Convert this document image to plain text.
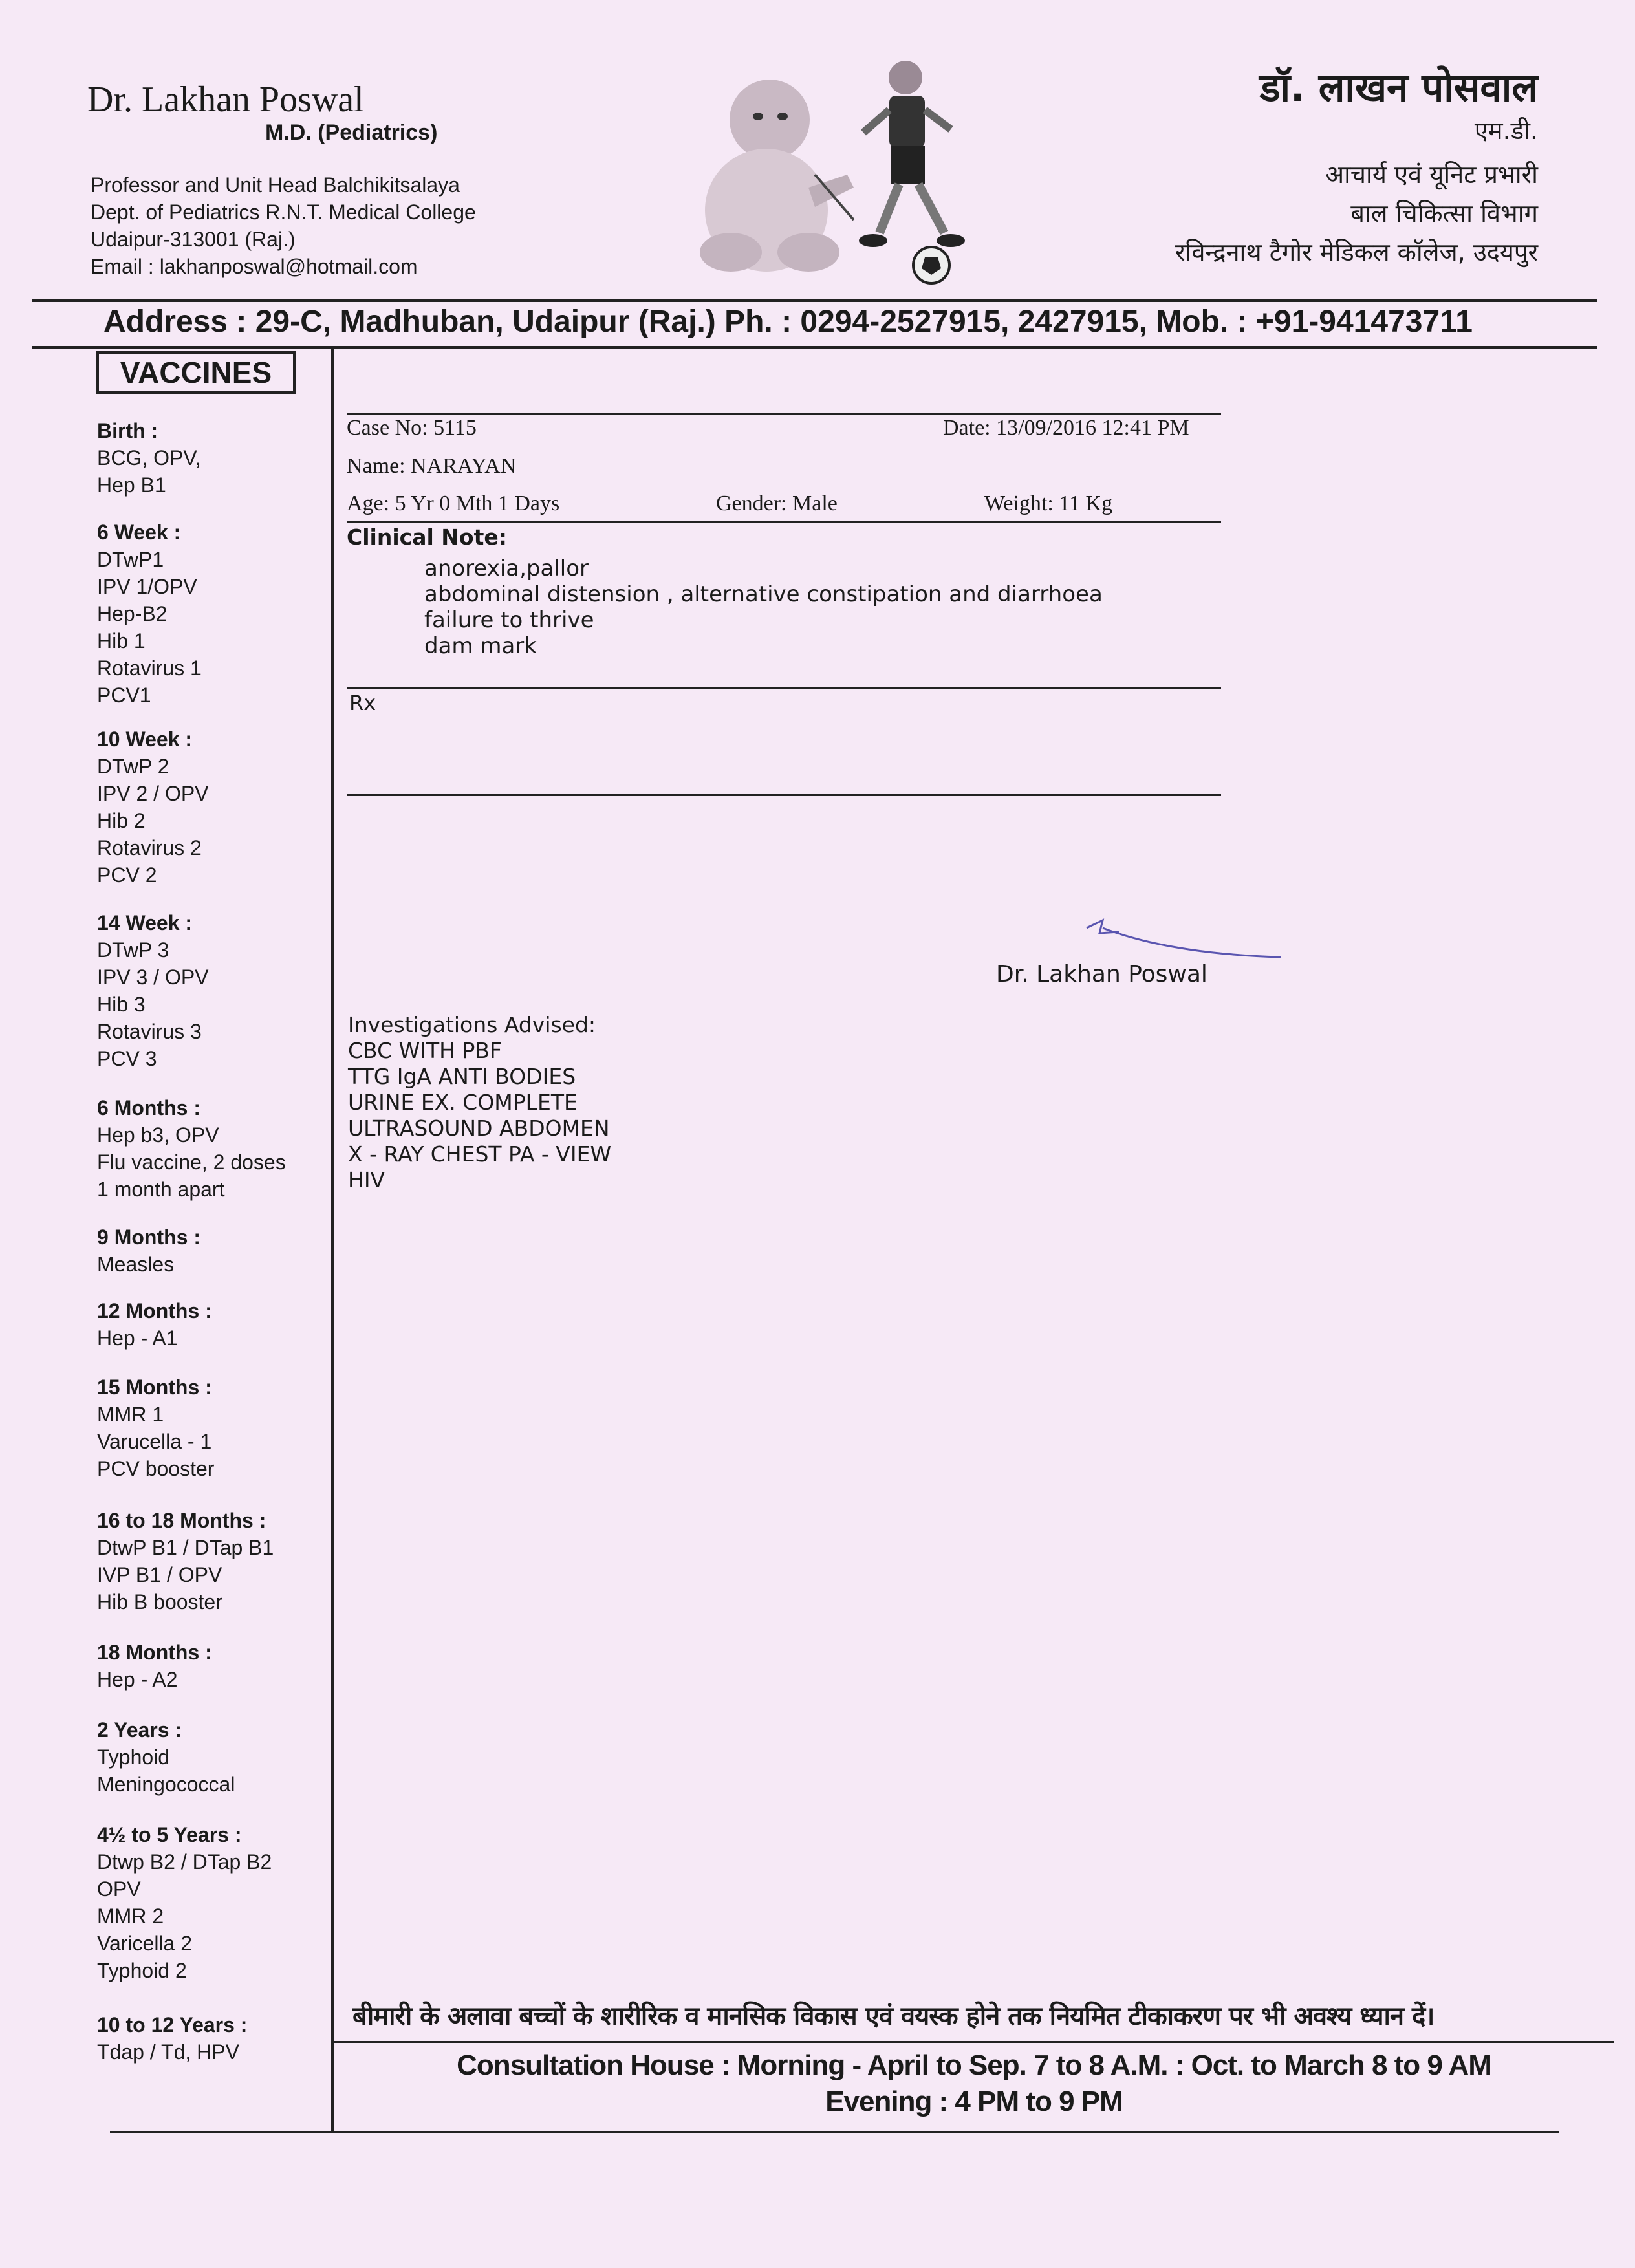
Dr. Lakhan Poswal
M.D. (Pediatrics)
Professor and Unit Head Balchikitsalaya
Dept. of Pediatrics R.N.T. Medical College
Udaipur-313001 (Raj.)
Email : lakhanposwal@hotmail.com
डॉ. लाखन पोसवाल
एम.डी.
आचार्य एवं यूनिट प्रभारी
बाल चिकित्सा विभाग
रविन्द्रनाथ टैगोर मेडिकल कॉलेज, उदयपुर
Address : 29-C, Madhuban, Udaipur (Raj.) Ph. : 0294-2527915, 2427915, Mob. : +91-941473711
VACCINES
Birth :
BCG, OPV,
Hep B1
6 Week :
DTwP1
IPV 1/OPV
Hep-B2
Hib 1
Rotavirus 1
PCV1
10 Week :
DTwP 2
IPV 2 / OPV
Hib 2
Rotavirus 2
PCV 2
14 Week :
DTwP 3
IPV 3 / OPV
Hib 3
Rotavirus 3
PCV 3
6 Months :
Hep b3, OPV
Flu vaccine, 2 doses
1 month apart
9 Months :
Measles
12 Months :
Hep - A1
15 Months :
MMR 1
Varucella - 1
PCV booster
16 to 18 Months :
DtwP B1 / DTap B1
IVP B1 / OPV
Hib B booster
18 Months :
Hep - A2
2 Years :
Typhoid
Meningococcal
4½ to 5 Years :
Dtwp B2 / DTap B2
OPV
MMR 2
Varicella 2
Typhoid 2
10 to 12 Years :
Tdap / Td, HPV
Case No: 5115	Date: 13/09/2016 12:41 PM
Name: NARAYAN
Age: 5 Yr 0 Mth 1 Days	Gender: Male	Weight: 11 Kg
Clinical Note:
anorexia,pallor
abdominal distension , alternative constipation and diarrhoea
failure to thrive
dam mark
Rx
Dr. Lakhan Poswal
Investigations Advised:
CBC WITH PBF
TTG IgA ANTI BODIES
URINE EX. COMPLETE
ULTRASOUND ABDOMEN
X - RAY CHEST PA - VIEW
HIV
बीमारी के अलावा बच्चों के शारीरिक व मानसिक विकास एवं वयस्क होने तक नियमित टीकाकरण पर भी अवश्य ध्यान दें।
Consultation House : Morning - April to Sep. 7 to 8 A.M. : Oct. to March 8 to 9 AM
Evening : 4 PM to 9 PM
